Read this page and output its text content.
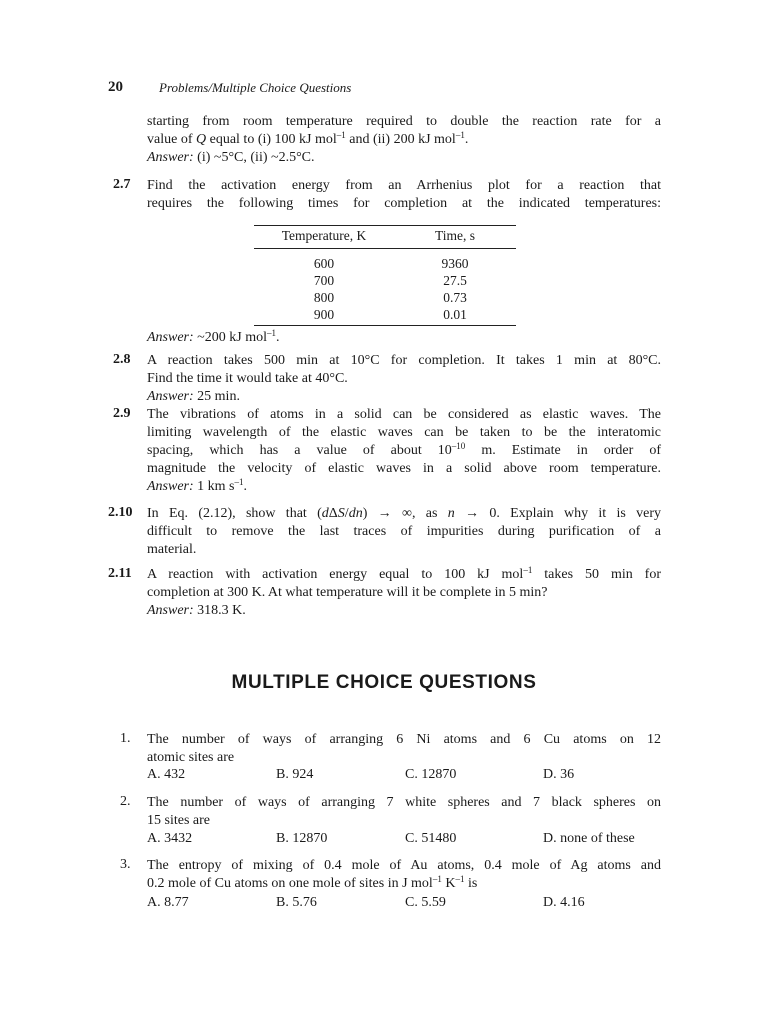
20	Problems/Multiple Choice Questions

starting from room temperature required to double the reaction rate for a

value of Q equal to (i) 100 kJ mol$^{-1}$ and (ii) 200 kJ mol$^{-1}$.

Answer: (i) ~5°C, (ii) ~2.5°C.

2.7 Find the activation energy from an Arrhenius plot for a reaction that

requires the following times for completion at the indicated temperatures:

Temperature, K	Time, s
600	9360
700	27.5
800	0.73
900	0.01

Answer: ~200 kJ mol$^{-1}$.

2.8 A reaction takes 500 min at 10°C for completion. It takes 1 min at 80°C.

Find the time it would take at 40°C.

Answer: 25 min.

2.9 The vibrations of atoms in a solid can be considered as elastic waves. The

limiting wavelength of the elastic waves can be taken to be the interatomic

spacing, which has a value of about $10^{-10}$ m. Estimate in order of

magnitude the velocity of elastic waves in a solid above room temperature.

Answer: 1 km $s^{-1}$.

2.10 In Eq. (2.12), show that (dΔS/dn) → ∞, as n → 0. Explain why it is very

difficult to remove the last traces of impurities during purification of a

material.

2.11 A reaction with activation energy equal to 100 kJ mol$^{-1}$ takes 50 min for

completion at 300 K. At what temperature will it be complete in 5 min?

Answer: 318.3 K.

MULTIPLE CHOICE QUESTIONS
1. The number of ways of arranging 6 Ni atoms and 6 Cu atoms on 12

atomic sites are

A. 432	B. 924	C. 12870	D. 36
2. The number of ways of arranging 7 white spheres and 7 black spheres on

15 sites are

A. 3432	B. 12870	C. 51480	D. none of these
3. The entropy of mixing of 0.4 mole of Au atoms, 0.4 mole of Ag atoms and

0.2 mole of Cu atoms on one mole of sites in J mol$^{-1}$ $K^{-1}$ is

A. 8.77	B. 5.76	C. 5.59	D. 4.16
